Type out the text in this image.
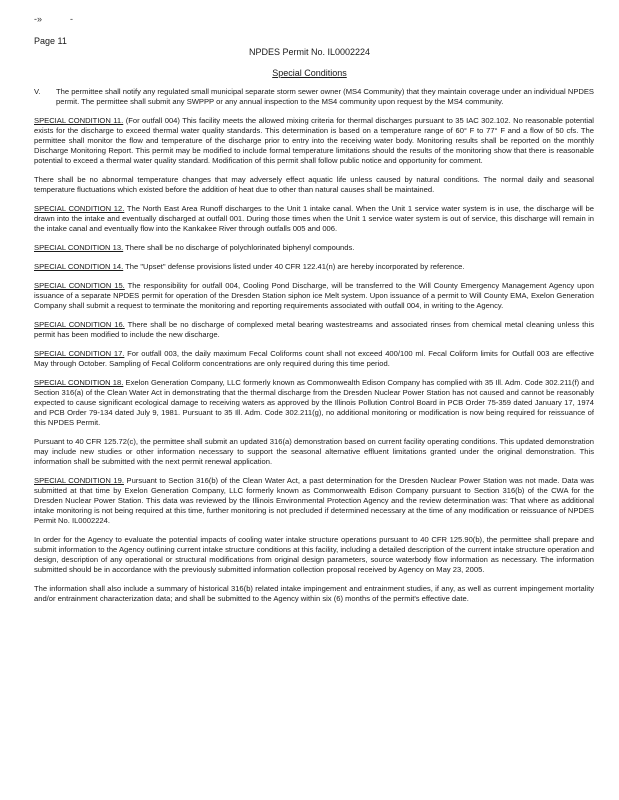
-»	-
Page 11
NPDES Permit No. IL0002224
Special Conditions
V.	The permittee shall notify any regulated small municipal separate storm sewer owner (MS4 Community) that they maintain coverage under an individual NPDES permit. The permittee shall submit any SWPPP or any annual inspection to the MS4 community upon request by the MS4 community.

SPECIAL CONDITION 11. (For outfall 004) This facility meets the allowed mixing criteria for thermal discharges pursuant to 35 IAC 302.102. No reasonable potential exists for the discharge to exceed thermal water quality standards. This determination is based on a temperature range of 60° F to 77° F and a flow of 50 cfs. The permittee shall monitor the flow and temperature of the discharge prior to entry into the receiving water body. Monitoring results shall be reported on the monthly Discharge Monitoring Report. This permit may be modified to include formal temperature limitations should the results of the monitoring show that there is reasonable potential to exceed a thermal water quality standard. Modification of this permit shall follow public notice and opportunity for comment.

There shall be no abnormal temperature changes that may adversely effect aquatic life unless caused by natural conditions. The normal daily and seasonal temperature fluctuations which existed before the addition of heat due to other than natural causes shall be maintained.

SPECIAL CONDITION 12. The North East Area Runoff discharges to the Unit 1 intake canal. When the Unit 1 service water system is in use, the discharge will be drawn into the intake and eventually discharged at outfall 001. During those times when the Unit 1 service water system is out of service, this discharge will remain in the intake canal and eventually flow into the Kankakee River through outfalls 005 and 006.

SPECIAL CONDITION 13. There shall be no discharge of polychlorinated biphenyl compounds.

SPECIAL CONDITION 14. The "Upset" defense provisions listed under 40 CFR 122.41(n) are hereby incorporated by reference.

SPECIAL CONDITION 15. The responsibility for outfall 004, Cooling Pond Discharge, will be transferred to the Will County Emergency Management Agency upon issuance of a separate NPDES permit for operation of the Dresden Station siphon ice Melt system. Upon issuance of a permit to Will County EMA, Exelon Generation Company shall submit a request to terminate the monitoring and reporting requirements associated with outfall 004, in writing to the Agency.

SPECIAL CONDITION 16. There shall be no discharge of complexed metal bearing wastestreams and associated rinses from chemical metal cleaning unless this permit has been modified to include the new discharge.

SPECIAL CONDITION 17. For outfall 003, the daily maximum Fecal Coliforms count shall not exceed 400/100 ml. Fecal Coliform limits for Outfall 003 are effective May through October. Sampling of Fecal Coliform concentrations are only required during this time period.

SPECIAL CONDITION 18. Exelon Generation Company, LLC formerly known as Commonwealth Edison Company has complied with 35 Ill. Adm. Code 302.211(f) and Section 316(a) of the Clean Water Act in demonstrating that the thermal discharge from the Dresden Nuclear Power Station has not caused and cannot be reasonably expected to cause significant ecological damage to receiving waters as approved by the Illinois Pollution Control Board in PCB Order 75-359 dated January 17, 1974 and PCB Order 79-134 dated July 9, 1981. Pursuant to 35 Ill. Adm. Code 302.211(g), no additional monitoring or modification is now being required for reissuance of this NPDES Permit.

Pursuant to 40 CFR 125.72(c), the permittee shall submit an updated 316(a) demonstration based on current facility operating conditions. This updated demonstration may include new studies or other information necessary to support the seasonal alternative effluent limitations granted under the original demonstration. This information shall be submitted with the next permit renewal application.

SPECIAL CONDITION 19. Pursuant to Section 316(b) of the Clean Water Act, a past determination for the Dresden Nuclear Power Station was not made. Data was submitted at that time by Exelon Generation Company, LLC formerly known as Commonwealth Edison Company pursuant to Section 316(b) of the CWA for the Dresden Nuclear Power Station. This data was reviewed by the Illinois Environmental Protection Agency and the review determination was: That where as additional intake monitoring is not being required at this time, further monitoring is not precluded if determined necessary at the time of any modification or reissuance of NPDES Permit No. IL0002224.

In order for the Agency to evaluate the potential impacts of cooling water intake structure operations pursuant to 40 CFR 125.90(b), the permittee shall prepare and submit information to the Agency outlining current intake structure conditions at this facility, including a detailed description of the current intake structure operation and design, description of any operational or structural modifications from original design parameters, source waterbody flow information as necessary. The information submitted should be in accordance with the previously submitted information collection proposal received by Agency on May 23, 2005.

The information shall also include a summary of historical 316(b) related intake impingement and entrainment studies, if any, as well as current impingement mortality and/or entrainment characterization data; and shall be submitted to the Agency within six (6) months of the permit's effective date.
